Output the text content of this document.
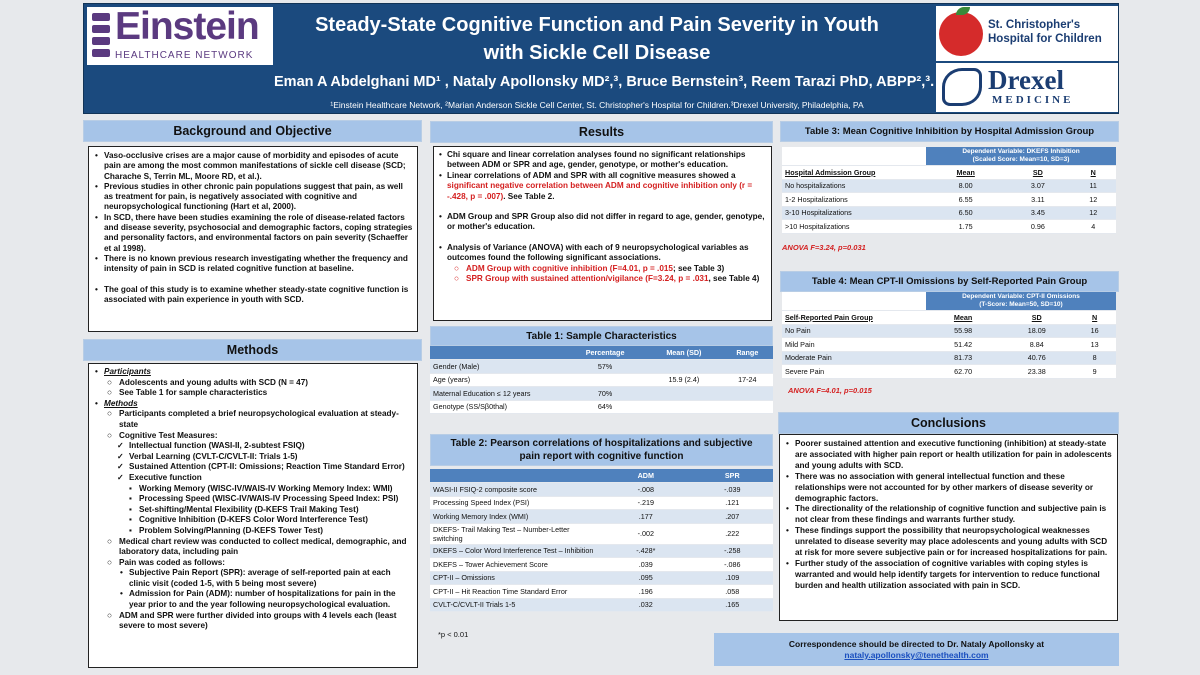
Einstein
HEALTHCARE NETWORK
Steady-State Cognitive Function and Pain Severity in Youth
with Sickle Cell Disease
Eman A Abdelghani MD¹ , Nataly Apollonsky MD²,³, Bruce Bernstein³, Reem Tarazi PhD, ABPP²,³.
¹Einstein Healthcare Network, ²Marian Anderson Sickle Cell Center, St. Christopher's Hospital for Children.³Drexel University, Philadelphia, PA
St. Christopher's
Hospital for Children
Drexel
MEDICINE
Background and Objective
• Vaso-occlusive crises are a major cause of morbidity and episodes of acute pain are among the most common manifestations of sickle cell disease (SCD; Charache S, Terrin ML, Moore RD, et al.).
• Previous studies in other chronic pain populations suggest that pain, as well as treatment for pain, is negatively associated with cognitive and neuropsychological functioning (Hart et al, 2000).
• In SCD, there have been studies examining the role of disease-related factors and disease severity, psychosocial and demographic factors, coping strategies and personality factors, and environmental factors on pain severity (Schaeffer et al 1998).
• There is no known previous research investigating whether the frequency and intensity of pain in SCD is related cognitive function at baseline.
• The goal of this study is to examine whether steady-state cognitive function is associated with pain experience in youth with SCD.
Methods
• Participants
○ Adolescents and young adults with SCD (N = 47)
○ See Table 1 for sample characteristics
• Methods
○ Participants completed a brief neuropsychological evaluation at steady-state
○ Cognitive Test Measures:
✓ Intellectual function (WASI-II, 2-subtest FSIQ)
✓ Verbal Learning (CVLT-C/CVLT-II: Trials 1-5)
✓ Sustained Attention (CPT-II: Omissions; Reaction Time Standard Error)
✓ Executive function
▪ Working Memory (WISC-IV/WAIS-IV Working Memory Index: WMI)
▪ Processing Speed (WISC-IV/WAIS-IV Processing Speed Index: PSI)
▪ Set-shifting/Mental Flexibility (D-KEFS Trail Making Test)
▪ Cognitive Inhibition (D-KEFS Color Word Interference Test)
▪ Problem Solving/Planning (D-KEFS Tower Test)
○ Medical chart review was conducted to collect medical, demographic, and laboratory data, including pain
○ Pain was coded as follows:
• Subjective Pain Report (SPR): average of self-reported pain at each clinic visit (coded 1-5, with 5 being most severe)
• Admission for Pain (ADM): number of hospitalizations for pain in the year prior to and the year following neuropsychological evaluation.
○ ADM and SPR were further divided into groups with 4 levels each (least severe to most severe)
Results
• Chi square and linear correlation analyses found no significant relationships between ADM or SPR and age, gender, genotype, or mother's education.
• Linear correlations of ADM and SPR with all cognitive measures showed a significant negative correlation between ADM and cognitive inhibition only (r = -.428, p = .007). See Table 2.
• ADM Group and SPR Group also did not differ in regard to age, gender, genotype, or mother's education.
• Analysis of Variance (ANOVA) with each of 9 neuropsychological variables as outcomes found the following significant associations.
○ ADM Group with cognitive inhibition (F=4.01, p = .015; see Table 3)
○ SPR Group with sustained attention/vigilance (F=3.24, p = .031, see Table 4)
Table 1: Sample Characteristics
	Percentage	Mean (SD)	Range
Gender (Male)	57%		
Age (years)		15.9 (2.4)	17-24
Maternal Education ≤ 12 years	70%		
Genotype (SS/Sβ0thal)	64%		
Table 2: Pearson correlations of hospitalizations and subjective pain report with cognitive function
	ADM	SPR
WASI-II FSIQ-2 composite score	-.008	-.039
Processing Speed Index (PSI)	-.219	.121
Working Memory Index (WMI)	.177	.207
DKEFS- Trail Making Test – Number-Letter switching	-.002	.222
DKEFS – Color Word Interference Test – Inhibition	-.428*	-.258
DKEFS – Tower Achievement Score	.039	-.086
CPT-II – Omissions	.095	.109
CPT-II – Hit Reaction Time Standard Error	.196	.058
CVLT-C/CVLT-II Trials 1-5	.032	.165
*p < 0.01
Table 3: Mean Cognitive Inhibition by Hospital Admission Group

	Dependent Variable: DKEFS Inhibition
(Scaled Score: Mean=10, SD=3)		

Hospital Admission Group	Mean	SD	N
No hospitalizations	8.00	3.07	11
1-2 Hospitalizations	6.55	3.11	12
3-10 Hospitalizations	6.50	3.45	12
>10 Hospitalizations	1.75	0.96	4
ANOVA F=3.24, p=0.031
Table 4: Mean CPT-II Omissions by Self-Reported Pain Group

	Dependent Variable: CPT-II Omissions
(T-Score: Mean=50, SD=10)		

Self-Reported Pain Group	Mean	SD	N
No Pain	55.98	18.09	16
Mild Pain	51.42	8.84	13
Moderate Pain	81.73	40.76	8
Severe Pain	62.70	23.38	9
ANOVA F=4.01, p=0.015
Conclusions
• Poorer sustained attention and executive functioning (inhibition) at steady-state are associated with higher pain report or health utilization for pain in adolescents and young adults with SCD.
• There was no association with general intellectual function and these relationships were not accounted for by other markers of disease severity or demographic factors.
• The directionality of the relationship of cognitive function and subjective pain is not clear from these findings and warrants further study.
• These findings support the possibility that neuropsychological weaknesses unrelated to disease severity may place adolescents and young adults with SCD at risk for more severe subjective pain or for increased hospitalizations for pain.
• Further study of the association of cognitive variables with coping styles is warranted and would help identify targets for intervention to reduce functional burden and health utilization associated with pain in SCD.
Correspondence should be directed to Dr. Nataly Apollonsky at
nataly.apollonsky@tenethealth.com
